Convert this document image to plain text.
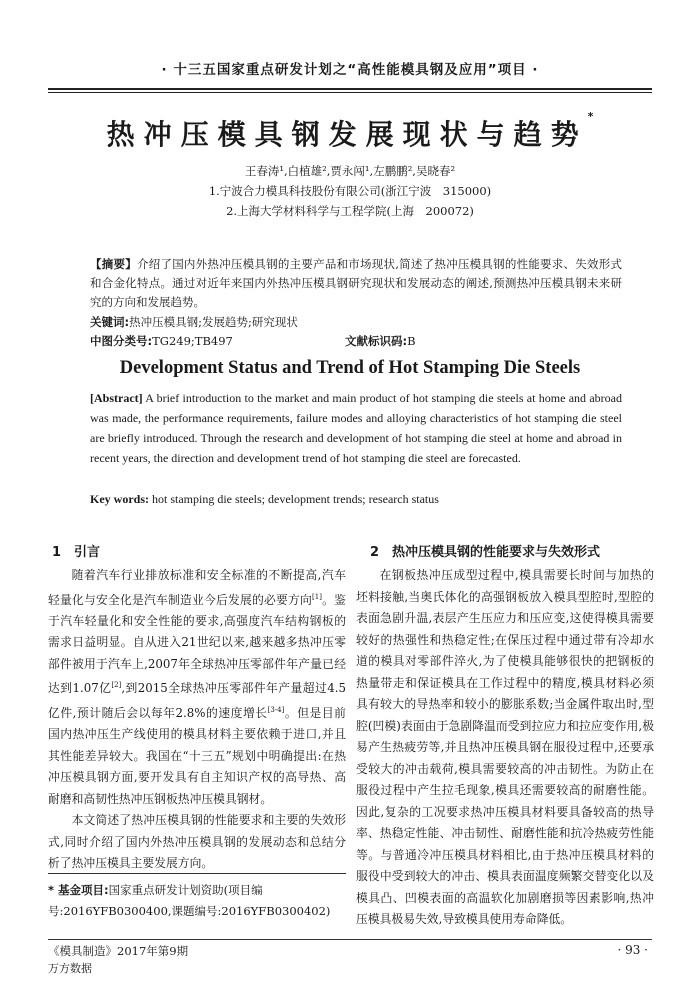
· 十三五国家重点研发计划之“高性能模具钢及应用”项目 ·
热冲压模具钢发展现状与趋势*
王春涛¹,白植雄²,贾永闯¹,左鹏鹏²,吴晓春²
1.宁波合力模具科技股份有限公司(浙江宁波　315000)
2.上海大学材料科学与工程学院(上海　200072)
【摘要】介绍了国内外热冲压模具钢的主要产品和市场现状,简述了热冲压模具钢的性能要求、失效形式和合金化特点。通过对近年来国内外热冲压模具钢研究现状和发展动态的阐述,预测热冲压模具钢未来研究的方向和发展趋势。
关键词:热冲压模具钢;发展趋势;研究现状
中图分类号:TG249;TB497	文献标识码:B
Development Status and Trend of Hot Stamping Die Steels
[Abstract] A brief introduction to the market and main product of hot stamping die steels at home and abroad was made, the performance requirements, failure modes and alloying characteristics of hot stamping die steel are briefly introduced. Through the research and development of hot stamping die steel at home and abroad in recent years, the direction and development trend of hot stamping die steel are forecasted.
Key words: hot stamping die steels; development trends; research status
1　引言

随着汽车行业排放标准和安全标准的不断提高,汽车轻量化与安全化是汽车制造业今后发展的必要方向[1]。鉴于汽车轻量化和安全性能的要求,高强度汽车结构钢板的需求日益明显。自从进入21世纪以来,越来越多热冲压零部件被用于汽车上,2007年全球热冲压零部件年产量已经达到1.07亿[2],到2015全球热冲压零部件年产量超过4.5亿件,预计随后会以每年2.8%的速度增长[3-4]。但是目前国内热冲压生产线使用的模具材料主要依赖于进口,并且其性能差异较大。我国在“十三五”规划中明确提出:在热冲压模具钢方面,要开发具有自主知识产权的高导热、高耐磨和高韧性热冲压钢板热冲压模具钢材。

本文简述了热冲压模具钢的性能要求和主要的失效形式,同时介绍了国内外热冲压模具钢的发展动态和总结分析了热冲压模具主要发展方向。

2　热冲压模具钢的性能要求与失效形式

在钢板热冲压成型过程中,模具需要长时间与加热的坯料接触,当奥氏体化的高强钢板放入模具型腔时,型腔的表面急剧升温,表层产生压应力和压应变,这使得模具需要较好的热强性和热稳定性;在保压过程中通过带有冷却水道的模具对零部件淬火,为了使模具能够很快的把钢板的热量带走和保证模具在工作过程中的精度,模具材料必须具有较大的导热率和较小的膨胀系数;当金属件取出时,型腔(凹模)表面由于急剧降温而受到拉应力和拉应变作用,极易产生热疲劳等,并且热冲压模具钢在服役过程中,还要承受较大的冲击载荷,模具需要较高的冲击韧性。为防止在服役过程中产生拉毛现象,模具还需要较高的耐磨性能。因此,复杂的工况要求热冲压模具材料要具备较高的热导率、热稳定性能、冲击韧性、耐磨性能和抗冷热疲劳性能等。与普通冷冲压模具材料相比,由于热冲压模具材料的服役中受到较大的冲击、模具表面温度频繁交替变化以及模具凸、凹模表面的高温软化加剧磨损等因素影响,热冲压模具极易失效,导致模具使用寿命降低。

* 基金项目:国家重点研发计划资助(项目编号:2016YFB0300400,课题编号:2016YFB0300402)
《模具制造》2017年第9期	· 93 ·
万方数据
